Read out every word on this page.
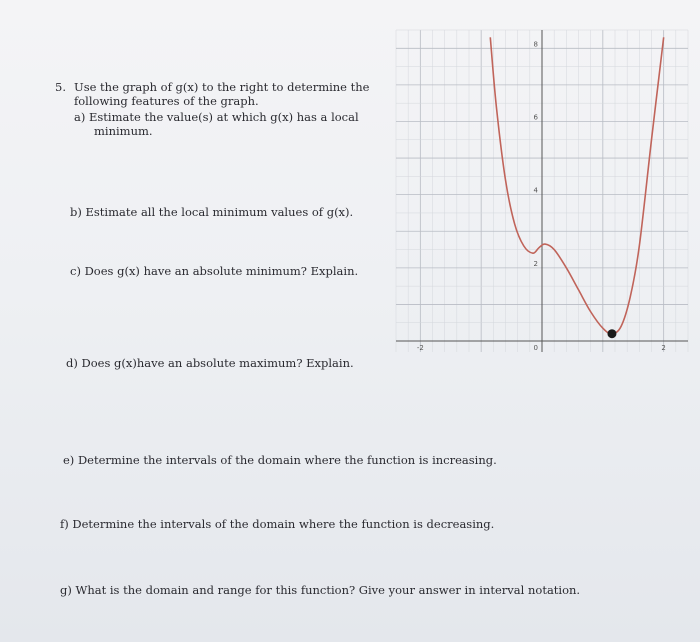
5. Use the graph of g(x) to the right to determine the
following features of the graph.
a) Estimate the value(s) at which g(x) has a local
minimum.
b) Estimate all the local minimum values of g(x).
c) Does g(x) have an absolute minimum? Explain.
d) Does g(x)have an absolute maximum? Explain.
e) Determine the intervals of the domain where the function is increasing.
f) Determine the intervals of the domain where the function is decreasing.
g) What is the domain and range for this function? Give your answer in interval notation.
8
6
4
2
0
-2	2
